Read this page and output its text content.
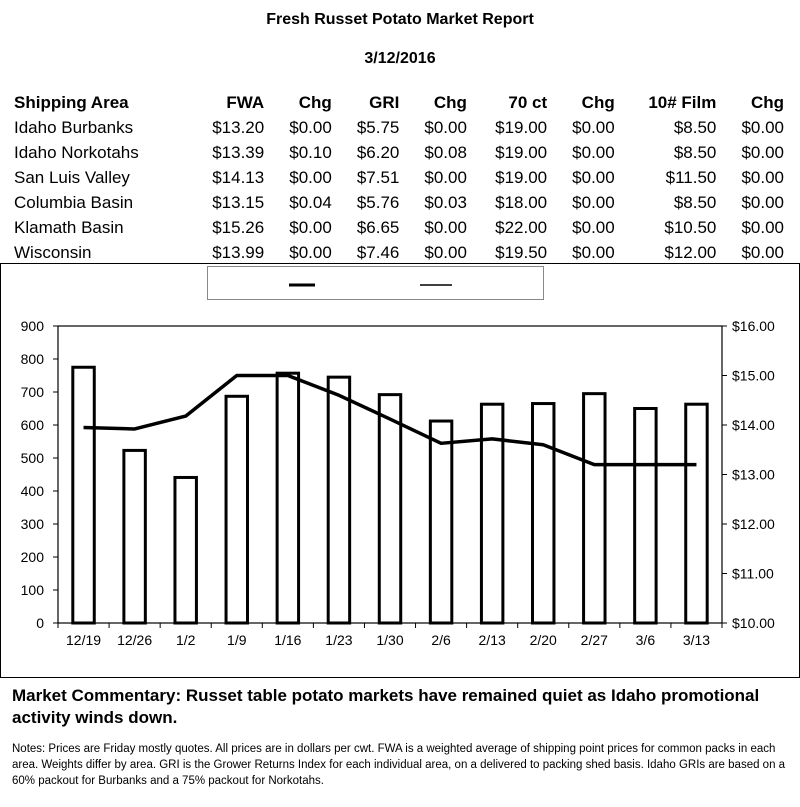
Fresh Russet Potato Market Report
3/12/2016
Shipping Area	FWA	Chg	GRI	Chg	70 ct	Chg	10# Film	Chg
Idaho Burbanks	$13.20	$0.00	$5.75	$0.00	$19.00	$0.00	$8.50	$0.00
Idaho Norkotahs	$13.39	$0.10	$6.20	$0.08	$19.00	$0.00	$8.50	$0.00
San Luis Valley	$14.13	$0.00	$7.51	$0.00	$19.00	$0.00	$11.50	$0.00
Columbia Basin	$13.15	$0.04	$5.76	$0.03	$18.00	$0.00	$8.50	$0.00
Klamath Basin	$15.26	$0.00	$6.65	$0.00	$22.00	$0.00	$10.50	$0.00
Wisconsin	$13.99	$0.00	$7.46	$0.00	$19.50	$0.00	$12.00	$0.00
0
100
200
300
400
500
600
700
800
900
$10.00
$11.00
$12.00
$13.00
$14.00
$15.00
$16.00
12/19 12/26 1/2 1/9 1/16 1/23 1/30 2/6 2/13 2/20 2/27 3/6 3/13
Market Commentary: Russet table potato markets have remained quiet as Idaho promotional activity winds down.
Notes: Prices are Friday mostly quotes. All prices are in dollars per cwt. FWA is a weighted average of shipping point prices for common packs in each area. Weights differ by area. GRI is the Grower Returns Index for each individual area, on a delivered to packing shed basis. Idaho GRIs are based on a 60% packout for Burbanks and a 75% packout for Norkotahs.
